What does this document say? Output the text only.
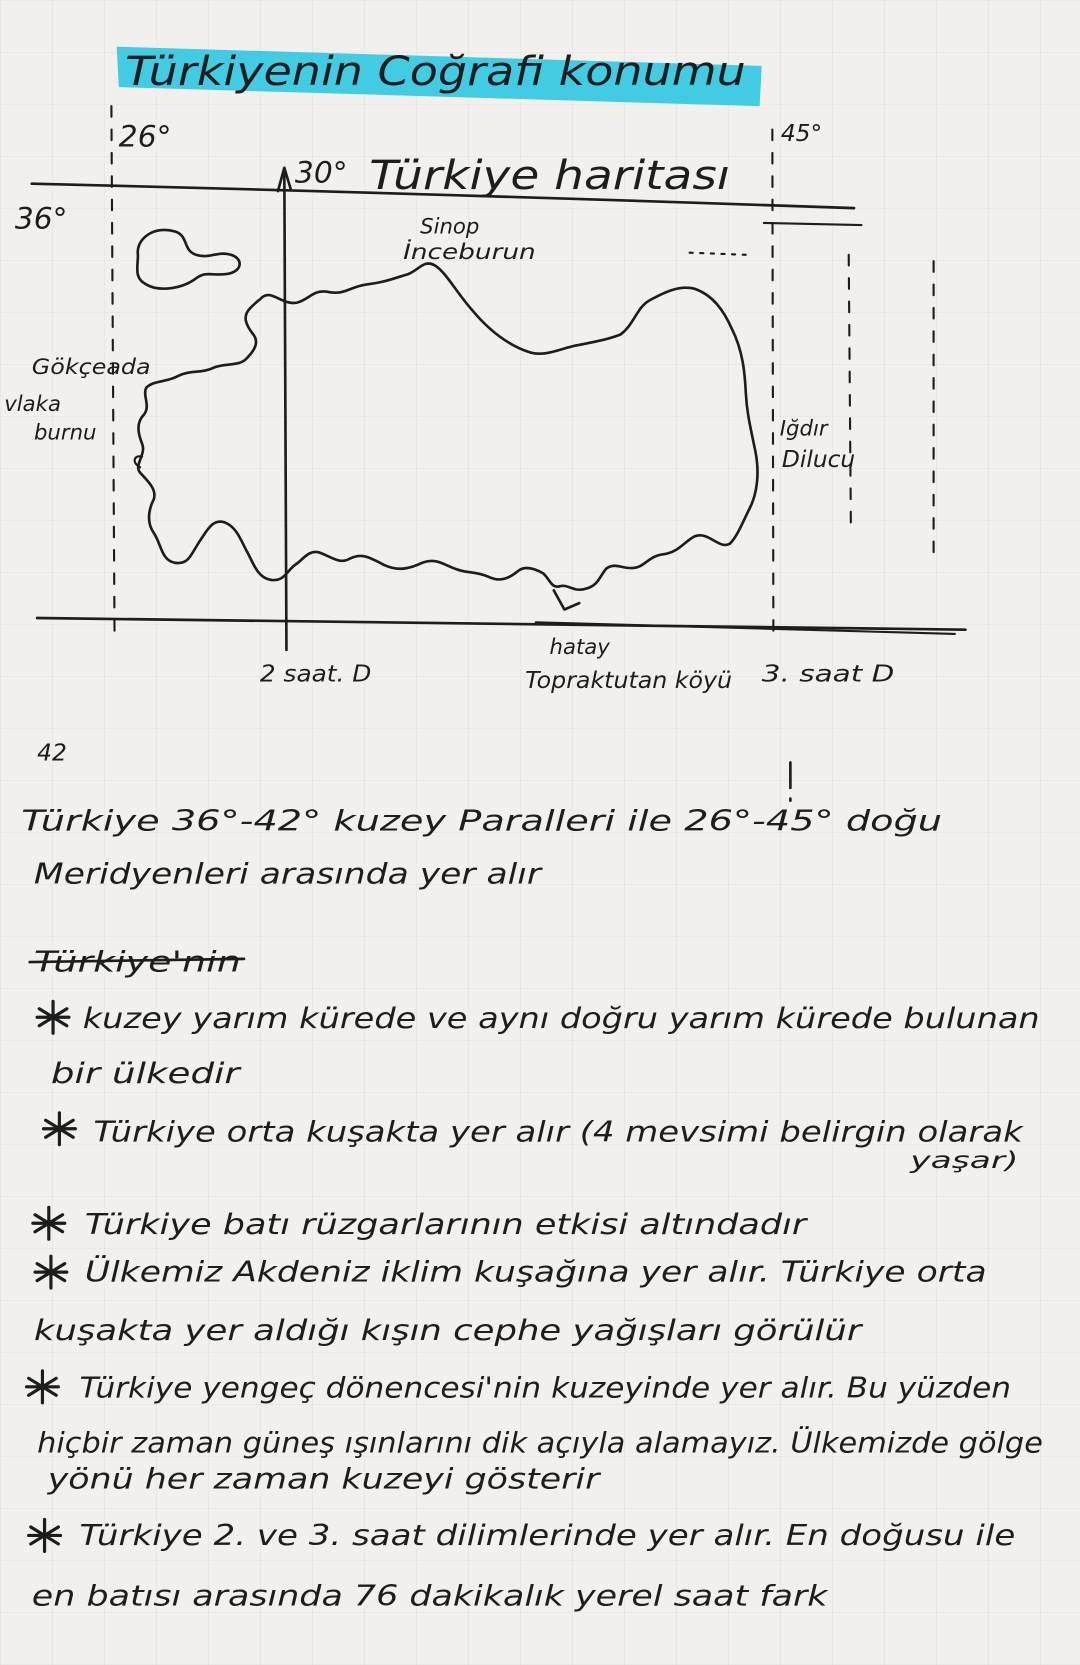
Türkiyenin Coğrafi konumu
26°
30° Türkiye haritası
45°
36°	Sinop
İnceburun
Gökçeada
vlaka
burnu	Iğdır
Dilucu
hatay
Topraktutan köyü
2 saat. D	3. saat D
42
Türkiye 36°-42° kuzey Paralleri ile 26°-45° doğu
Meridyenleri arasında yer alır
Türkiye'nin
kuzey yarım kürede ve aynı doğru yarım kürede bulunan
bir ülkedir
Türkiye orta kuşakta yer alır (4 mevsimi belirgin olarak
yaşar)
Türkiye batı rüzgarlarının etkisi altındadır
Ülkemiz Akdeniz iklim kuşağına yer alır. Türkiye orta
kuşakta yer aldığı kışın cephe yağışları görülür
Türkiye yengeç dönencesi'nin kuzeyinde yer alır. Bu yüzden
hiçbir zaman güneş ışınlarını dik açıyla alamayız. Ülkemizde gölge
yönü her zaman kuzeyi gösterir
Türkiye 2. ve 3. saat dilimlerinde yer alır. En doğusu ile
en batısı arasında 76 dakikalık yerel saat fark
